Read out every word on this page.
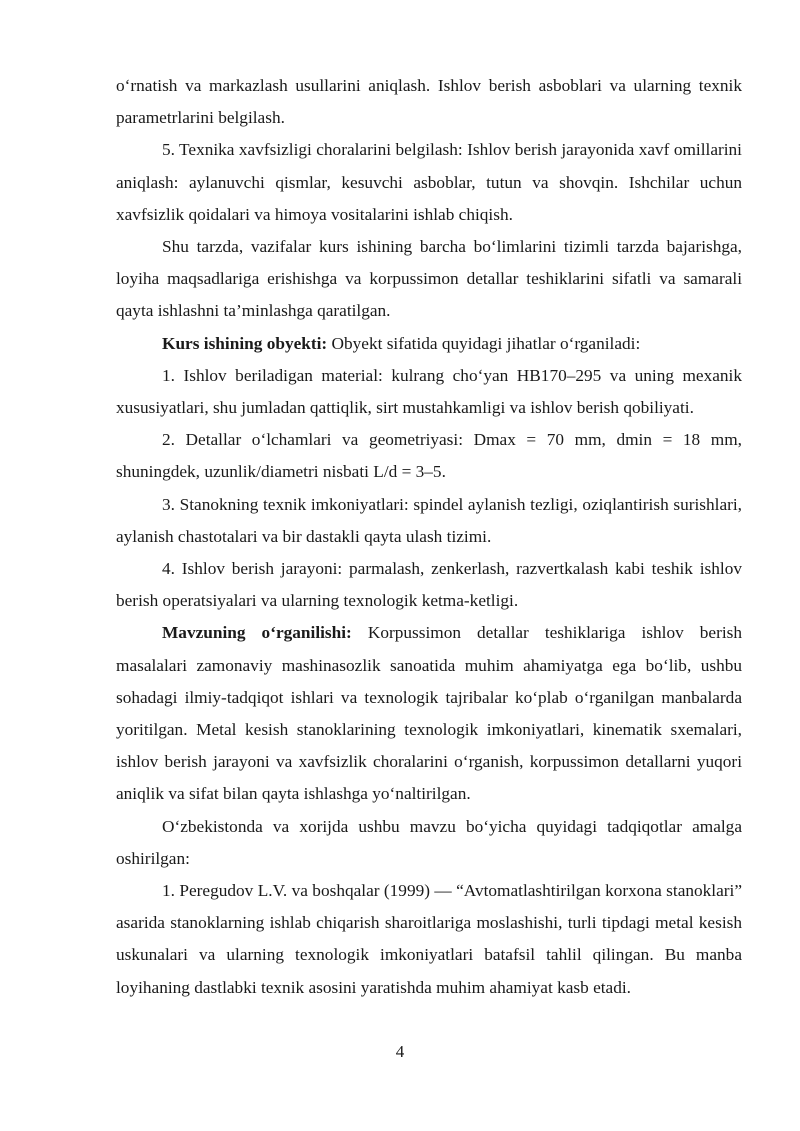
o‘rnatish va markazlash usullarini aniqlash. Ishlov berish asboblari va ularning texnik parametrlarini belgilash.

5. Texnika xavfsizligi choralarini belgilash: Ishlov berish jarayonida xavf omillarini aniqlash: aylanuvchi qismlar, kesuvchi asboblar, tutun va shovqin. Ishchilar uchun xavfsizlik qoidalari va himoya vositalarini ishlab chiqish.

Shu tarzda, vazifalar kurs ishining barcha bo‘limlarini tizimli tarzda bajarishga, loyiha maqsadlariga erishishga va korpussimon detallar teshiklarini sifatli va samarali qayta ishlashni ta’minlashga qaratilgan.

Kurs ishining obyekti: Obyekt sifatida quyidagi jihatlar o‘rganiladi:

1. Ishlov beriladigan material: kulrang cho‘yan HB170–295 va uning mexanik xususiyatlari, shu jumladan qattiqlik, sirt mustahkamligi va ishlov berish qobiliyati.

2. Detallar o‘lchamlari va geometriyasi: Dmax = 70 mm, dmin = 18 mm, shuningdek, uzunlik/diametri nisbati L/d = 3–5.

3. Stanokning texnik imkoniyatlari: spindel aylanish tezligi, oziqlantirish surishlari, aylanish chastotalari va bir dastakli qayta ulash tizimi.

4. Ishlov berish jarayoni: parmalash, zenkerlash, razvertkalash kabi teshik ishlov berish operatsiyalari va ularning texnologik ketma-ketligi.

Mavzuning o‘rganilishi: Korpussimon detallar teshiklariga ishlov berish masalalari zamonaviy mashinasozlik sanoatida muhim ahamiyatga ega bo‘lib, ushbu sohadagi ilmiy-tadqiqot ishlari va texnologik tajribalar ko‘plab o‘rganilgan manbalarda yoritilgan. Metal kesish stanoklarining texnologik imkoniyatlari, kinematik sxemalari, ishlov berish jarayoni va xavfsizlik choralarini o‘rganish, korpussimon detallarni yuqori aniqlik va sifat bilan qayta ishlashga yo‘naltirilgan.

O‘zbekistonda va xorijda ushbu mavzu bo‘yicha quyidagi tadqiqotlar amalga oshirilgan:

1. Peregudov L.V. va boshqalar (1999) — “Avtomatlashtirilgan korxona stanoklari” asarida stanoklarning ishlab chiqarish sharoitlariga moslashishi, turli tipdagi metal kesish uskunalari va ularning texnologik imkoniyatlari batafsil tahlil qilingan. Bu manba loyihaning dastlabki texnik asosini yaratishda muhim ahamiyat kasb etadi.

4
